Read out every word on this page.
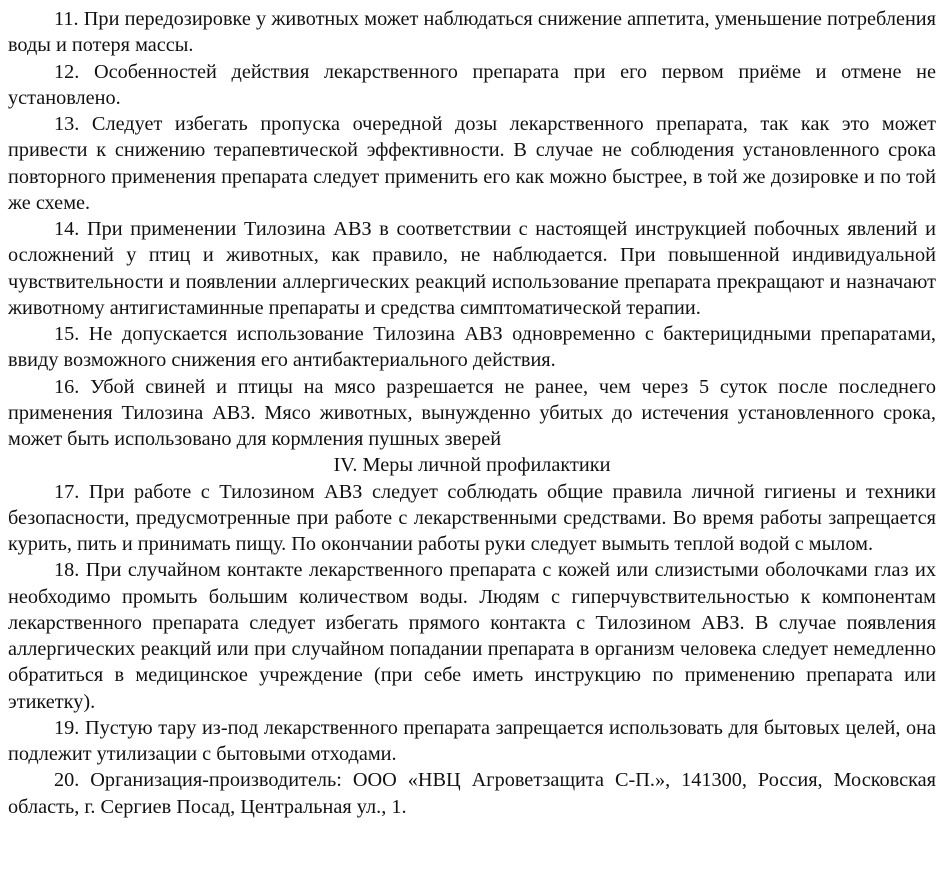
11. При передозировке у животных может наблюдаться снижение аппетита, уменьшение потребления воды и потеря массы.

12. Особенностей действия лекарственного препарата при его первом приёме и отмене не установлено.

13. Следует избегать пропуска очередной дозы лекарственного препарата, так как это может привести к снижению терапевтической эффективности. В случае не соблюдения установленного срока повторного применения препарата следует применить его как можно быстрее, в той же дозировке и по той же схеме.

14. При применении Тилозина АВЗ в соответствии с настоящей инструкцией побочных явлений и осложнений у птиц и животных, как правило, не наблюдается. При повышенной индивидуальной чувствительности и появлении аллергических реакций использование препарата прекращают и назначают животному антигистаминные препараты и средства симптоматической терапии.

15. Не допускается использование Тилозина АВЗ одновременно с бактерицидными препаратами, ввиду возможного снижения его антибактериального действия.

16. Убой свиней и птицы на мясо разрешается не ранее, чем через 5 суток после последнего применения Тилозина АВЗ. Мясо животных, вынужденно убитых до истечения установленного срока, может быть использовано для кормления пушных зверей

IV. Меры личной профилактики

17. При работе с Тилозином АВЗ следует соблюдать общие правила личной гигиены и техники безопасности, предусмотренные при работе с лекарственными средствами. Во время работы запрещается курить, пить и принимать пищу. По окончании работы руки следует вымыть теплой водой с мылом.

18. При случайном контакте лекарственного препарата с кожей или слизистыми оболочками глаз их необходимо промыть большим количеством воды. Людям с гиперчувствительностью к компонентам лекарственного препарата следует избегать прямого контакта с Тилозином АВЗ. В случае появления аллергических реакций или при случайном попадании препарата в организм человека следует немедленно обратиться в медицинское учреждение (при себе иметь инструкцию по применению препарата или этикетку).

19. Пустую тару из-под лекарственного препарата запрещается использовать для бытовых целей, она подлежит утилизации с бытовыми отходами.

20. Организация-производитель: ООО «НВЦ Агроветзащита С-П.», 141300, Россия, Московская область, г. Сергиев Посад, Центральная ул., 1.
